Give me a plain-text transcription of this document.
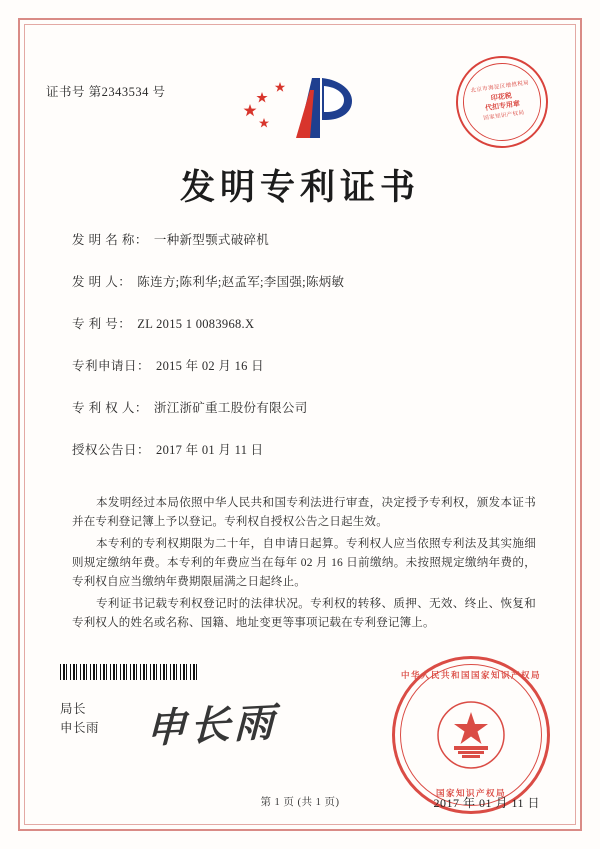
北京市海淀区增值税局
印花税
代扣专用章
国家知识产权局
证书号 第2343534 号
发明专利证书
发 明 名 称： 一种新型颚式破碎机
发 明 人： 陈连方;陈利华;赵孟军;李国强;陈炳敏
专 利 号： ZL 2015 1 0083968.X
专利申请日： 2015 年 02 月 16 日
专 利 权 人： 浙江浙矿重工股份有限公司
授权公告日： 2017 年 01 月 11 日

本发明经过本局依照中华人民共和国专利法进行审查，决定授予专利权，颁发本证书并在专利登记簿上予以登记。专利权自授权公告之日起生效。

本专利的专利权期限为二十年，自申请日起算。专利权人应当依照专利法及其实施细则规定缴纳年费。本专利的年费应当在每年 02 月 16 日前缴纳。未按照规定缴纳年费的，专利权自应当缴纳年费期限届满之日起终止。

专利证书记载专利权登记时的法律状况。专利权的转移、质押、无效、终止、恢复和专利权人的姓名或名称、国籍、地址变更等事项记载在专利登记簿上。

局长
申长雨 申长雨
中华人民共和国国家知识产权局
国家知识产权局
2017 年 01 月 11 日
第 1 页 (共 1 页)
